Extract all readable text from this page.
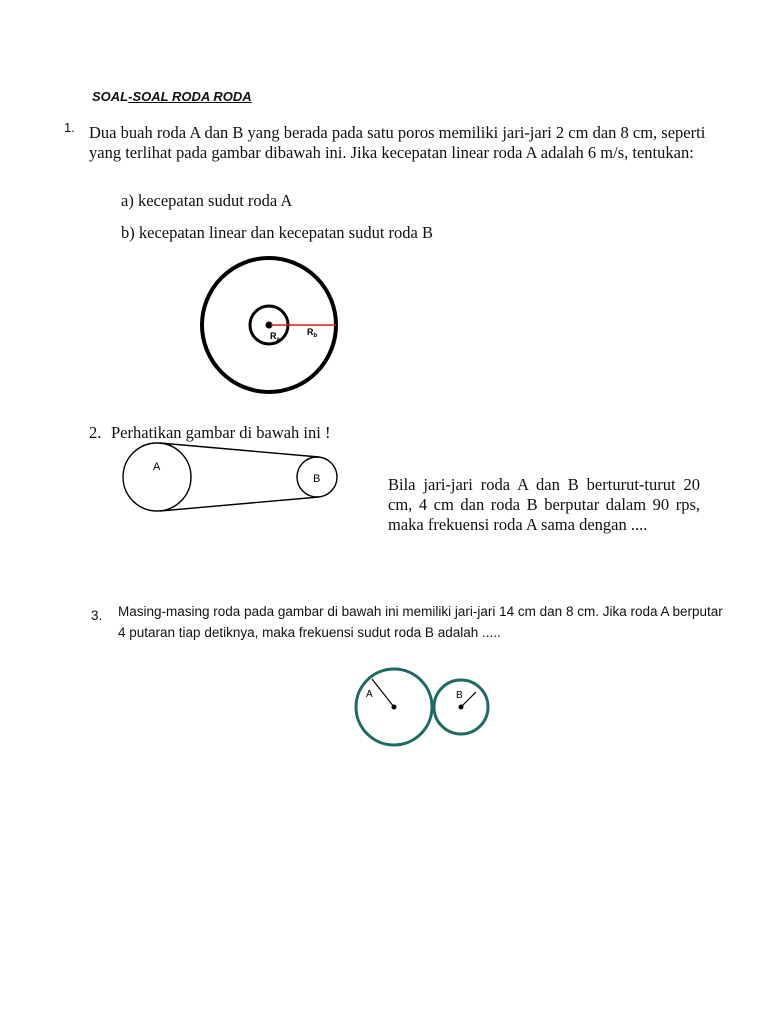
SOAL-SOAL RODA RODA
1. Dua buah roda A dan B yang berada pada satu poros memiliki jari-jari 2 cm dan 8 cm, seperti yang terlihat pada gambar dibawah ini. Jika kecepatan linear roda A adalah 6 m/s, tentukan:
a) kecepatan sudut roda A
b) kecepatan linear dan kecepatan sudut roda B
$R_a$
$R_b$
2. Perhatikan gambar di bawah ini !
A
B	Bila jari-jari roda A dan B berturut-turut 20 cm, 4 cm dan roda B berputar dalam 90 rps, maka frekuensi roda A sama dengan ....
3. Masing-masing roda pada gambar di bawah ini memiliki jari-jari 14 cm dan 8 cm. Jika roda A berputar 4 putaran tiap detiknya, maka frekuensi sudut roda B adalah .....
A	B
